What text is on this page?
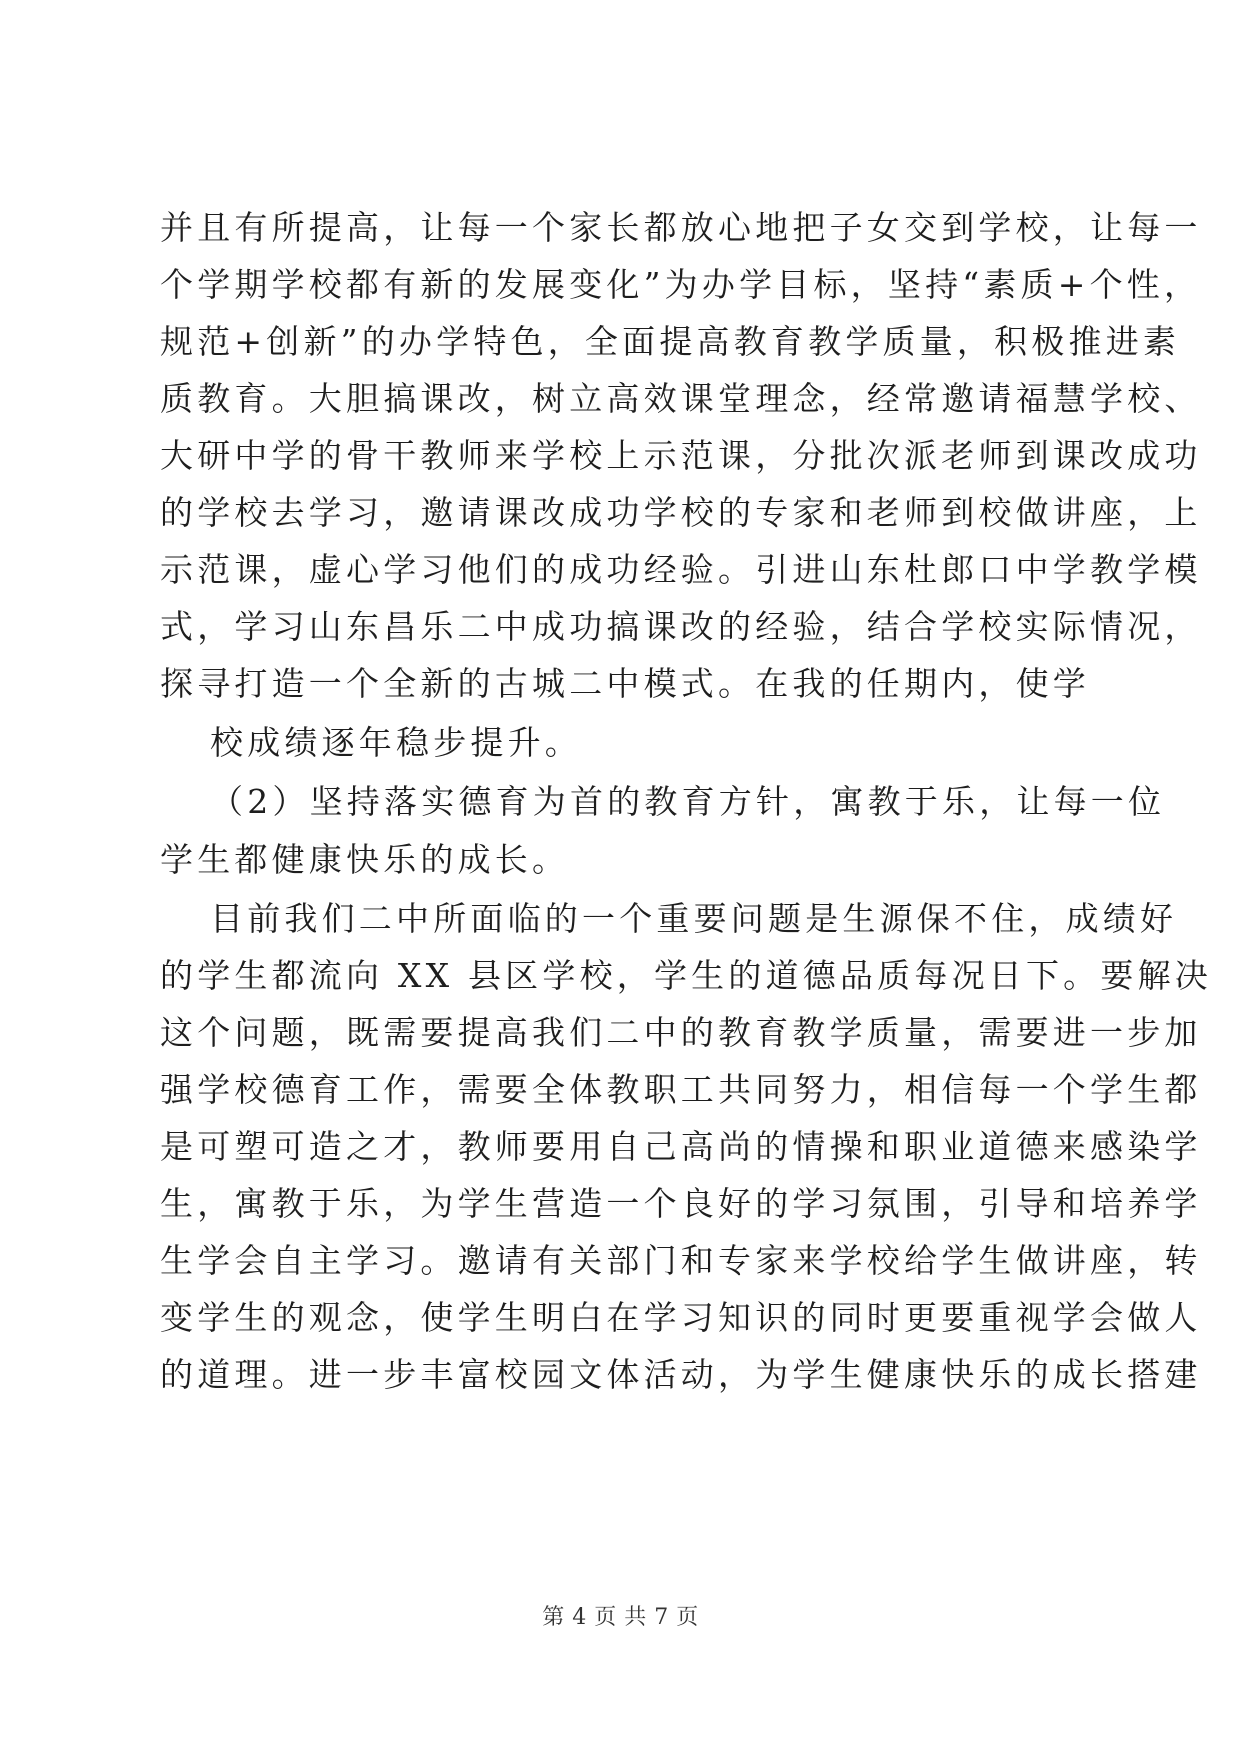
并且有所提高，让每一个家长都放心地把子女交到学校，让每一
个学期学校都有新的发展变化”为办学目标，坚持“素质+个性，
规范+创新”的办学特色，全面提高教育教学质量，积极推进素
质教育。大胆搞课改，树立高效课堂理念，经常邀请福慧学校、
大研中学的骨干教师来学校上示范课，分批次派老师到课改成功
的学校去学习，邀请课改成功学校的专家和老师到校做讲座，上
示范课，虚心学习他们的成功经验。引进山东杜郎口中学教学模
式，学习山东昌乐二中成功搞课改的经验，结合学校实际情况，
探寻打造一个全新的古城二中模式。在我的任期内，使学
校成绩逐年稳步提升。
（2）坚持落实德育为首的教育方针，寓教于乐，让每一位
学生都健康快乐的成长。
目前我们二中所面临的一个重要问题是生源保不住，成绩好
的学生都流向 XX 县区学校，学生的道德品质每况日下。要解决
这个问题，既需要提高我们二中的教育教学质量，需要进一步加
强学校德育工作，需要全体教职工共同努力，相信每一个学生都
是可塑可造之才，教师要用自己高尚的情操和职业道德来感染学
生，寓教于乐，为学生营造一个良好的学习氛围，引导和培养学
生学会自主学习。邀请有关部门和专家来学校给学生做讲座，转
变学生的观念，使学生明白在学习知识的同时更要重视学会做人
的道理。进一步丰富校园文体活动，为学生健康快乐的成长搭建
第 4 页 共 7 页
